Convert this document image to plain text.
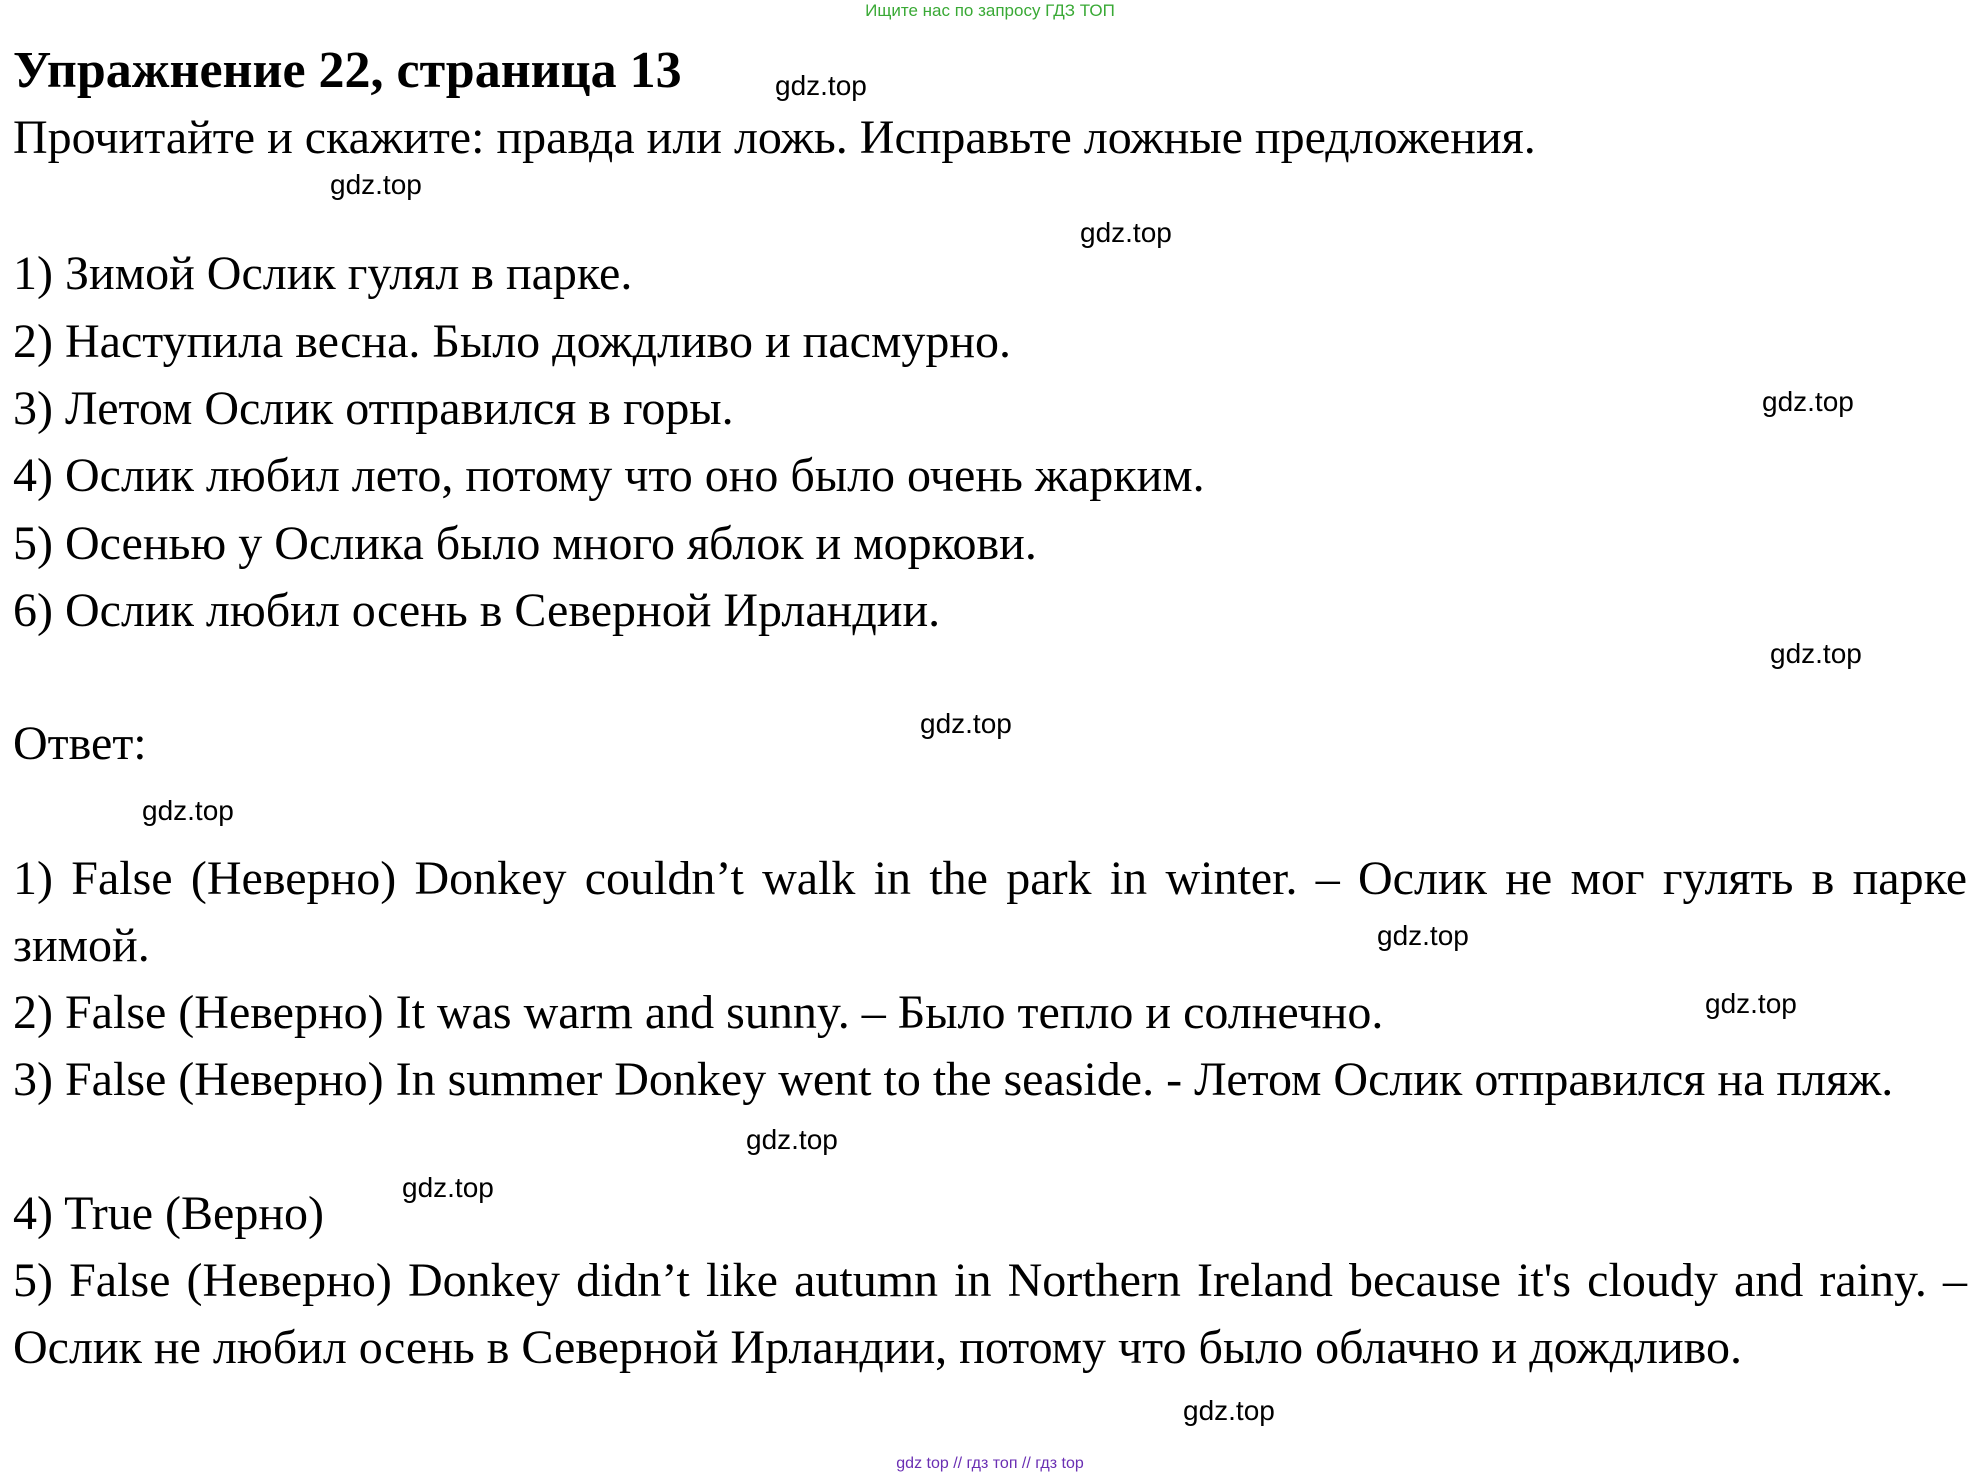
Ищите нас по запросу ГДЗ ТОП
Упражнение 22, страница 13	gdz.top
Прочитайте и скажите: правда или ложь. Исправьте ложные предложения.
gdz.top
gdz.top
1) Зимой Ослик гулял в парке.
2) Наступила весна. Было дождливо и пасмурно.
3) Летом Ослик отправился в горы.	gdz.top
4) Ослик любил лето, потому что оно было очень жарким.
5) Осенью у Ослика было много яблок и моркови.
6) Ослик любил осень в Северной Ирландии.
gdz.top
Ответ:	gdz.top
gdz.top

1) False (Неверно) Donkey couldn’t walk in the park in winter. – Ослик не мог гулять в парке зимой.	gdz.top

2) False (Неверно) It was warm and sunny. – Было тепло и солнечно.	gdz.top

3) False (Неверно) In summer Donkey went to the seaside. - Летом Ослик отправился на пляж.

gdz.top

4) True (Верно)	gdz.top

5) False (Неверно) Donkey didn’t like autumn in Northern Ireland because it's cloudy and rainy. – Ослик не любил осень в Северной Ирландии, потому что было облачно и дождливо.

gdz.top
gdz top // гдз топ // гдз top
